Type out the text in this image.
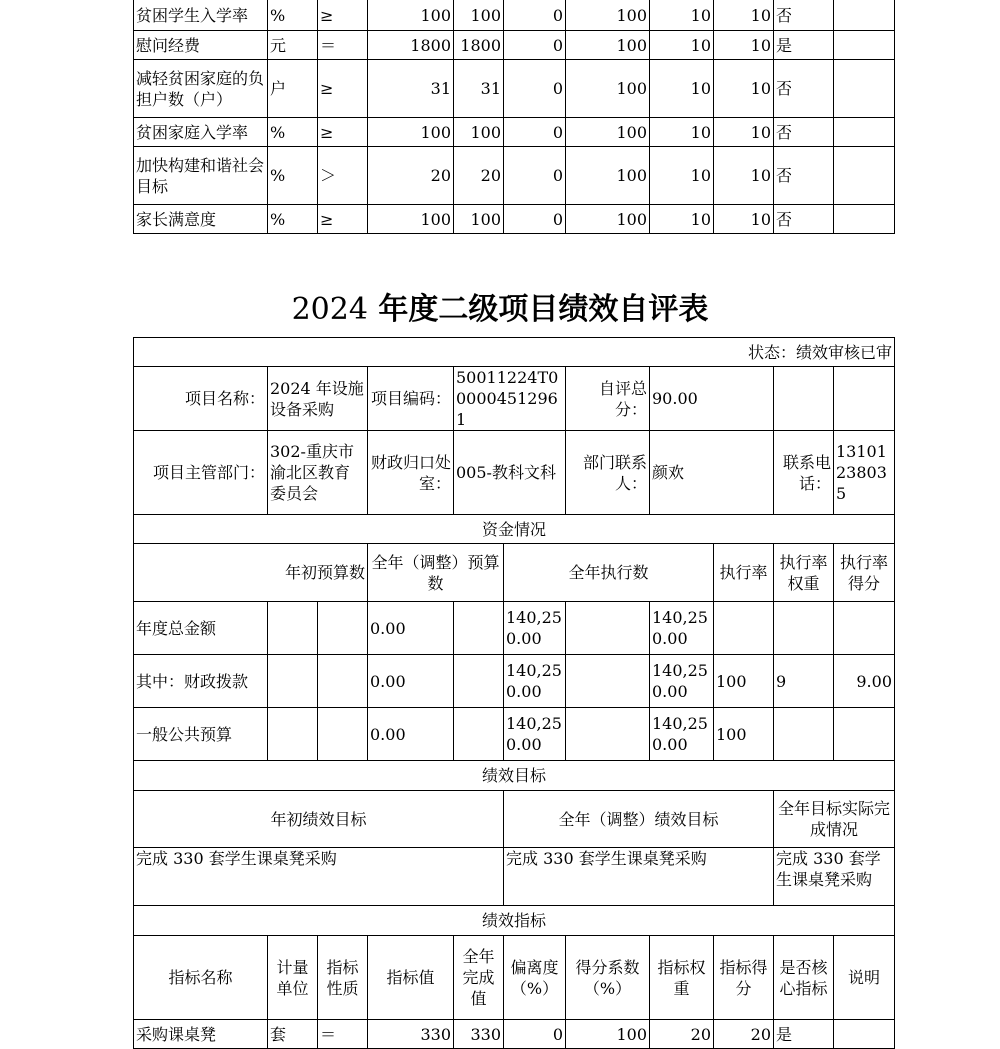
贫困学生入学率	%	≥	100	100	0	100	10	10	否	
慰问经费	元	＝	1800	1800	0	100	10	10	是	
减轻贫困家庭的负担户数（户）	户	≥	31	31	0	100	10	10	否	
贫困家庭入学率	%	≥	100	100	0	100	10	10	否	
加快构建和谐社会目标	%	＞	20	20	0	100	10	10	否	
家长满意度	%	≥	100	100	0	100	10	10	否	
2024 年度二级项目绩效自评表
状态：绩效审核已审										
项目名称：	2024 年设施设备采购		项目编码：	50011224T000004512961		自评总分：	90.00			
项目主管部门：	302-重庆市渝北区教育委员会		财政归口处室：	005-教科文科		部门联系人：	颜欢		联系电话：	13101238035
资金情况										
年初预算数			全年（调整）预算数		全年执行数			执行率	执行率权重	执行率得分
年度总金额			0.00		140,250.00		140,250.00			
其中：财政拨款			0.00		140,250.00		140,250.00	100	9	9.00
一般公共预算			0.00		140,250.00		140,250.00	100		
绩效目标										
年初绩效目标					全年（调整）绩效目标				全年目标实际完成情况	
完成 330 套学生课桌凳采购					完成 330 套学生课桌凳采购				完成 330 套学生课桌凳采购	
绩效指标										
指标名称	计量单位	指标性质	指标值	全年完成值	偏离度（%）	得分系数（%）	指标权重	指标得分	是否核心指标	说明
采购课桌凳	套	＝	330	330	0	100	20	20	是	
